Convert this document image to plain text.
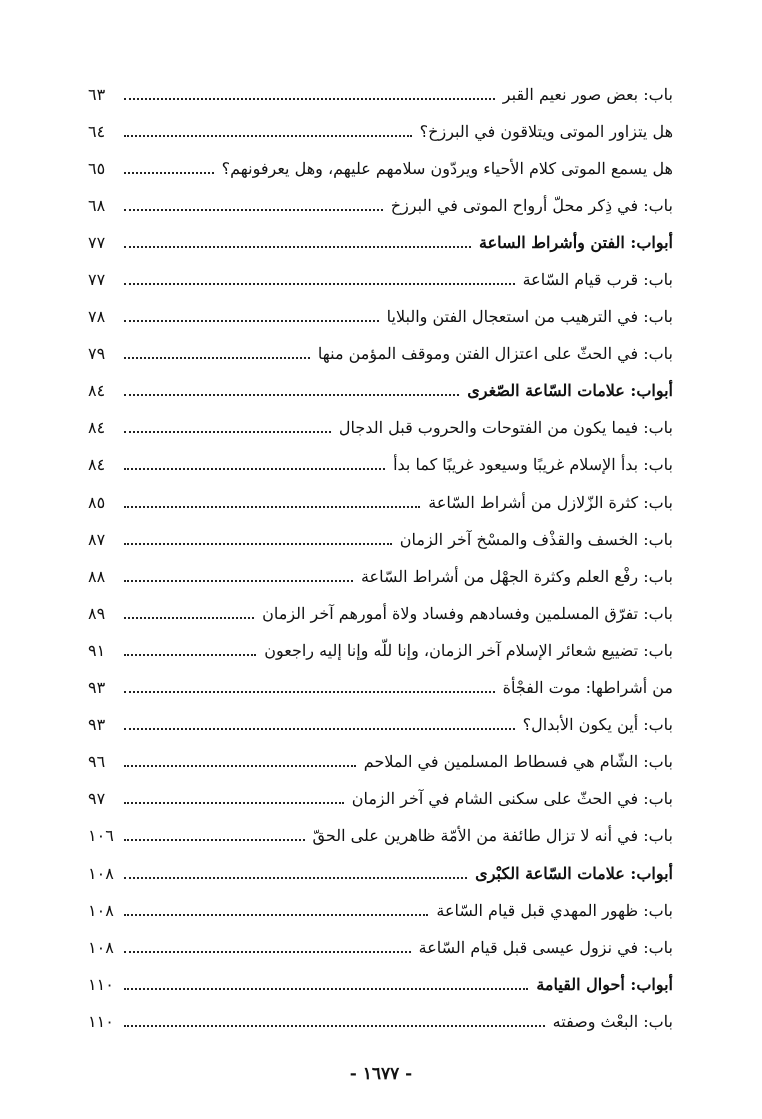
باب: بعض صور نعيم القبر
٦٣
هل يتزاور الموتى ويتلاقون في البرزخ؟
٦٤
هل يسمع الموتى كلام الأحياء ويردّون سلامهم عليهم، وهل يعرفونهم؟
٦٥
باب: في ذِكر محلّ أرواح الموتى في البرزخ
٦٨
أبواب: الفتن وأشراط الساعة
٧٧
باب: قرب قيام السّاعة
٧٧
باب: في الترهيب من استعجال الفتن والبلايا
٧٨
باب: في الحثّ على اعتزال الفتن وموقف المؤمن منها
٧٩
أبواب: علامات السّاعة الصّغرى
٨٤
باب: فيما يكون من الفتوحات والحروب قبل الدجال
٨٤
باب: بدأ الإسلام غريبًا وسيعود غريبًا كما بدأ
٨٤
باب: كثرة الزّلازل من أشراط السّاعة
٨٥
باب: الخسف والقذْف والمسْخ آخر الزمان
٨٧
باب: رفْع العلم وكثرة الجهْل من أشراط السّاعة
٨٨
باب: تفرّق المسلمين وفسادهم وفساد ولاة أمورهم آخر الزمان
٨٩
باب: تضييع شعائر الإسلام آخر الزمان، وإنا للّه وإنا إليه راجعون
٩١
من أشراطها: موت الفجْأة
٩٣
باب: أين يكون الأبدال؟
٩٣
باب: الشّام هي فسطاط المسلمين في الملاحم
٩٦
باب: في الحثّ على سكنى الشام في آخر الزمان
٩٧
باب: في أنه لا تزال طائفة من الأمّة ظاهرين على الحقّ
١٠٦
أبواب: علامات السّاعة الكبْرى
١٠٨
باب: ظهور المهدي قبل قيام السّاعة
١٠٨
باب: في نزول عيسى قبل قيام السّاعة
١٠٨
أبواب: أحوال القيامة
١١٠
باب: البعْث وصفته
١١٠
- ١٦٧٧ -
